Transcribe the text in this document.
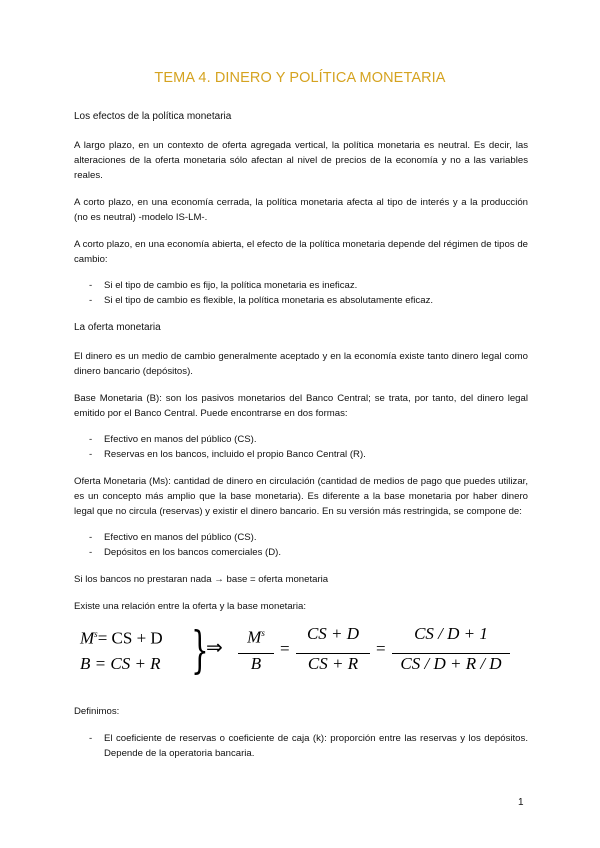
TEMA 4. DINERO Y POLÍTICA MONETARIA

Los efectos de la política monetaria

A largo plazo, en un contexto de oferta agregada vertical, la política monetaria es neutral. Es decir, las alteraciones de la oferta monetaria sólo afectan al nivel de precios de la economía y no a las variables reales.

A corto plazo, en una economía cerrada, la política monetaria afecta al tipo de interés y a la producción (no es neutral) -modelo IS-LM-.

A corto plazo, en una economía abierta, el efecto de la política monetaria depende del régimen de tipos de cambio:

- Si el tipo de cambio es fijo, la política monetaria es ineficaz.
- Si el tipo de cambio es flexible, la política monetaria es absolutamente eficaz.

La oferta monetaria

El dinero es un medio de cambio generalmente aceptado y en la economía existe tanto dinero legal como dinero bancario (depósitos).

Base Monetaria (B): son los pasivos monetarios del Banco Central; se trata, por tanto, del dinero legal emitido por el Banco Central. Puede encontrarse en dos formas:

- Efectivo en manos del público (CS).
- Reservas en los bancos, incluido el propio Banco Central (R).

Oferta Monetaria (Ms): cantidad de dinero en circulación (cantidad de medios de pago que puedes utilizar, es un concepto más amplio que la base monetaria). Es diferente a la base monetaria por haber dinero legal que no circula (reservas) y existir el dinero bancario. En su versión más restringida, se compone de:

- Efectivo en manos del público (CS).
- Depósitos en los bancos comerciales (D).

Si los bancos no prestaran nada → base = oferta monetaria

Existe una relación entre la oferta y la base monetaria:

$M^s=$ CS + D
B = CS + R }
⇒	$M^s$
B
=
CS + D
CS + R
=
CS / D + 1
CS / D + R / D

Definimos:

- El coeficiente de reservas o coeficiente de caja (k): proporción entre las reservas y los depósitos. Depende de la operatoria bancaria.
1
